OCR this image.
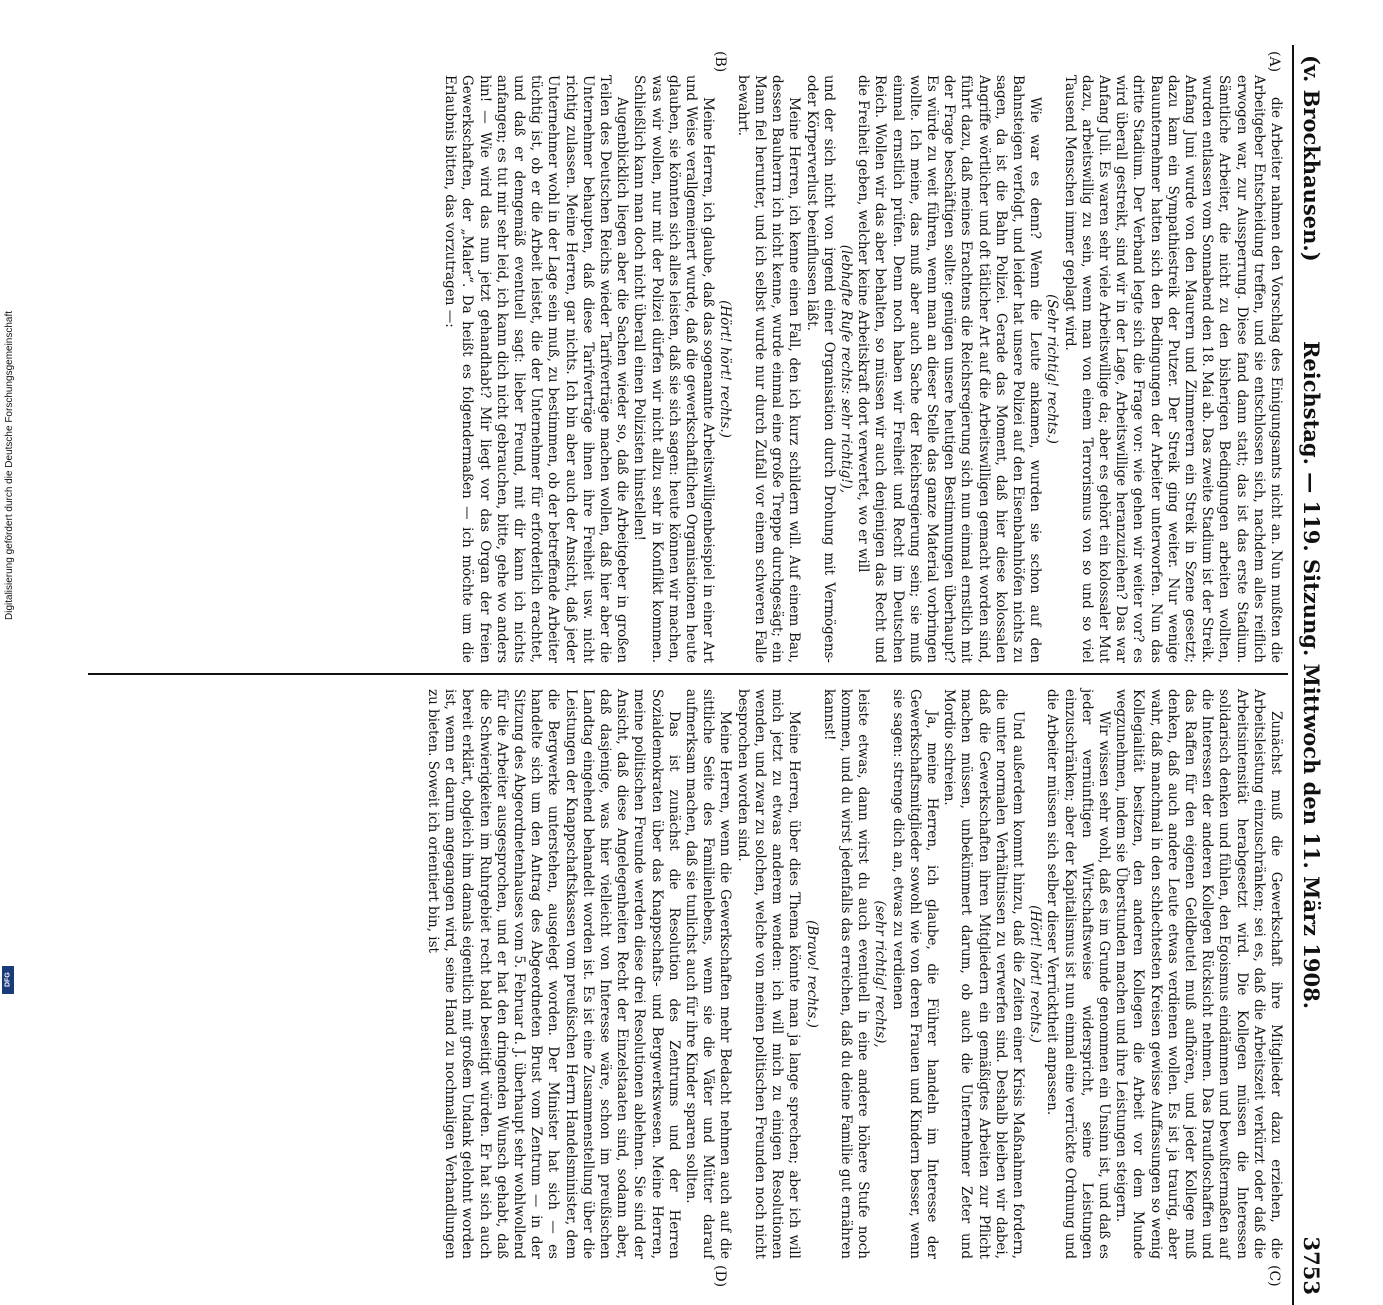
(v. Brockhausen.)
Reichstag. — 119. Sitzung. Mittwoch den 11. März 1908.
3753
(A)
(B)
(C)
(D)

die Arbeiter nahmen den Vorschlag des Einigungsamts nicht an. Nun mußten die Arbeitgeber Entscheidung treffen, und sie entschlossen sich, nachdem alles reiflich erwogen war, zur Aussperrung. Diese fand dann statt; das ist das erste Stadium. Sämtliche Arbeiter, die nicht zu den bisherigen Bedingungen arbeiten wollten, wurden entlassen vom Sonnabend den 18. Mai ab. Das zweite Stadium ist der Streik. Anfang Juni wurde von den Maurern und Zimmerern ein Streik in Szene gesetzt; dazu kam ein Sympathiestreik der Putzer. Der Streik ging weiter. Nur wenige Bauunternehmer hatten sich den Bedingungen der Arbeiter unterworfen. Nun das dritte Stadium. Der Verband legte sich die Frage vor: wie gehen wir weiter vor? es wird überall gestreikt, sind wir in der Lage, Arbeitswillige heranzuziehen? Das war Anfang Juli. Es waren sehr viele Arbeitswillige da; aber es gehört ein kolossaler Mut dazu, arbeitswillig zu sein, wenn man von einem Terrorismus von so und so viel Tausend Menschen immer geplagt wird.

(Sehr richtig! rechts.)

Wie war es denn? Wenn die Leute ankamen, wurden sie schon auf den Bahnsteigen verfolgt, und leider hat unsere Polizei auf den Eisenbahnhöfen nichts zu sagen, da ist die Bahn Polizei. Gerade das Moment, daß hier diese kolossalen Angriffe wörtlicher und oft tätlicher Art auf die Arbeitswilligen gemacht worden sind, führt dazu, daß meines Erachtens die Reichsregierung sich nun einmal ernstlich mit der Frage beschäftigen sollte: genügen unsere heutigen Bestimmungen überhaupt? Es würde zu weit führen, wenn man an dieser Stelle das ganze Material vorbringen wollte. Ich meine, das muß aber auch Sache der Reichsregierung sein; sie muß einmal ernstlich prüfen. Denn noch haben wir Freiheit und Recht im Deutschen Reich. Wollen wir das aber behalten, so müssen wir auch denjenigen das Recht und die Freiheit geben, welcher keine Arbeitskraft dort verwertet, wo er will

(lebhafte Rufe rechts: sehr richtig!),

und der sich nicht von irgend einer Organisation durch Drohung mit Vermögens- oder Körperverlust beeinflussen läßt.

Meine Herren, ich kenne einen Fall, den ich kurz schildern will. Auf einem Bau, dessen Bauherrn ich nicht kenne, wurde einmal eine große Treppe durchgesägt; ein Mann fiel herunter, und ich selbst wurde nur durch Zufall vor einem schweren Falle bewahrt.

(Hört! hört! rechts.)

Meine Herren, ich glaube, daß das sogenannte Arbeitswilligenbeispiel in einer Art und Weise verallgemeinert wurde, daß die gewerkschaftlichen Organisationen heute glauben, sie könnten sich alles leisten, daß sie sich sagen: heute können wir machen, was wir wollen, nur mit der Polizei dürfen wir nicht allzu sehr in Konflikt kommen. Schließlich kann man doch nicht überall einen Polizisten hinstellen!

Augenblicklich liegen aber die Sachen wieder so, daß die Arbeitgeber in großen Teilen des Deutschen Reichs wieder Tarifverträge machen wollen, daß hier aber die Unternehmer behaupten, daß diese Tarifverträge ihnen ihre Freiheit usw. nicht richtig zulassen. Meine Herren, gar nichts. Ich bin aber auch der Ansicht, daß jeder Unternehmer wohl in der Lage sein muß, zu bestimmen, ob der betreffende Arbeiter tüchtig ist, ob er die Arbeit leistet, die der Unternehmer für erforderlich erachtet, und daß er demgemäß eventuell sagt: lieber Freund, mit dir kann ich nichts anfangen; es tut mir sehr leid, ich kann dich nicht gebrauchen, bitte, gehe wo anders hin! — Wie wird das nun jetzt gehandhabt? Mir liegt vor das Organ der freien Gewerkschaften, der „Maler“. Da heißt es folgendermaßen — ich möchte um die Erlaubnis bitten, das vorzutragen —:

Zunächst muß die Gewerkschaft ihre Mitglieder dazu erziehen, die Arbeitsleistung einzuschränken; sei es, daß die Arbeitszeit verkürzt oder daß die Arbeitsintensität herabgesetzt wird. Die Kollegen müssen die Interessen solidarisch denken und fühlen, den Egoismus eindämmen und bewußtermaßen auf die Interessen der anderen Kollegen Rücksicht nehmen. Das Draufloschaffen und das Raffen für den eigenen Geldbeutel muß aufhören, und jeder Kollege muß denken, daß auch andere Leute etwas verdienen wollen. Es ist ja traurig, aber wahr, daß manchmal in den schlechtesten Kreisen gewisse Auffassungen so wenig Kollegialität besitzen, den anderen Kollegen die Arbeit vor dem Munde wegzunehmen, indem sie Überstunden machen und ihre Leistungen steigern.

Wir wissen sehr wohl, daß es im Grunde genommen ein Unsinn ist, und daß es jeder vernünftigen Wirtschaftsweise widerspricht, seine Leistungen einzuschränken; aber der Kapitalismus ist nun einmal eine verrückte Ordnung und die Arbeiter müssen sich selber dieser Verrücktheit anpassen.

(Hört! hört! rechts.)

Und außerdem kommt hinzu, daß die Zeiten einer Krisis Maßnahmen fordern, die unter normalen Verhältnissen zu verwerfen sind. Deshalb bleiben wir dabei, daß die Gewerkschaften ihren Mitgliedern ein gemäßigtes Arbeiten zur Pflicht machen müssen, unbekümmert darum, ob auch die Unternehmer Zeter und Mordio schreien.

Ja, meine Herren, ich glaube, die Führer handeln im Interesse der Gewerkschaftsmitglieder sowohl wie von deren Frauen und Kindern besser, wenn sie sagen: strenge dich an, etwas zu verdienen

(sehr richtig! rechts),

leiste etwas, dann wirst du auch eventuell in eine andere höhere Stufe noch kommen, und du wirst jedenfalls das erreichen, daß du deine Familie gut ernähren kannst!

(Bravo! rechts.)

Meine Herren, über dies Thema könnte man ja lange sprechen; aber ich will mich jetzt zu etwas anderem wenden: ich will mich zu einigen Resolutionen wenden, und zwar zu solchen, welche von meinen politischen Freunden noch nicht besprochen worden sind.

Meine Herren, wenn die Gewerkschaften mehr Bedacht nehmen auch auf die sittliche Seite des Familienlebens, wenn sie die Väter und Mütter darauf aufmerksam machen, daß sie tunlichst auch für ihre Kinder sparen sollten.

Das ist zunächst die Resolution des Zentrums und der Herren Sozialdemokraten über das Knappschafts- und Bergwerkswesen. Meine Herren, meine politischen Freunde werden diese drei Resolutionen ablehnen. Sie sind der Ansicht, daß diese Angelegenheiten Recht der Einzelstaaten sind, sodann aber, daß dasjenige, was hier vielleicht von Interesse wäre, schon im preußischen Landtag eingehend behandelt worden ist. Es ist eine Zusammenstellung über die Leistungen der Knappschaftskassen vom preußischen Herrn Handelsminister, dem die Bergwerke unterstehen, ausgelegt worden. Der Minister hat sich — es handelte sich um den Antrag des Abgeordneten Brust vom Zentrum — in der Sitzung des Abgeordnetenhauses vom 5. Februar d. J. überhaupt sehr wohlwollend für die Arbeiter ausgesprochen, und er hat den dringenden Wunsch gehabt, daß die Schwierigkeiten im Ruhrgebiet recht bald beseitigt würden. Er hat sich auch bereit erklärt, obgleich ihm damals eigentlich mit großem Undank gelohnt worden ist, wenn er darum angegangen wird, seine Hand zu nochmaligen Verhandlungen zu bieten. Soweit ich orientiert bin, ist

Digitalisierung gefördert durch die Deutsche Forschungsgemeinschaft
DFG
